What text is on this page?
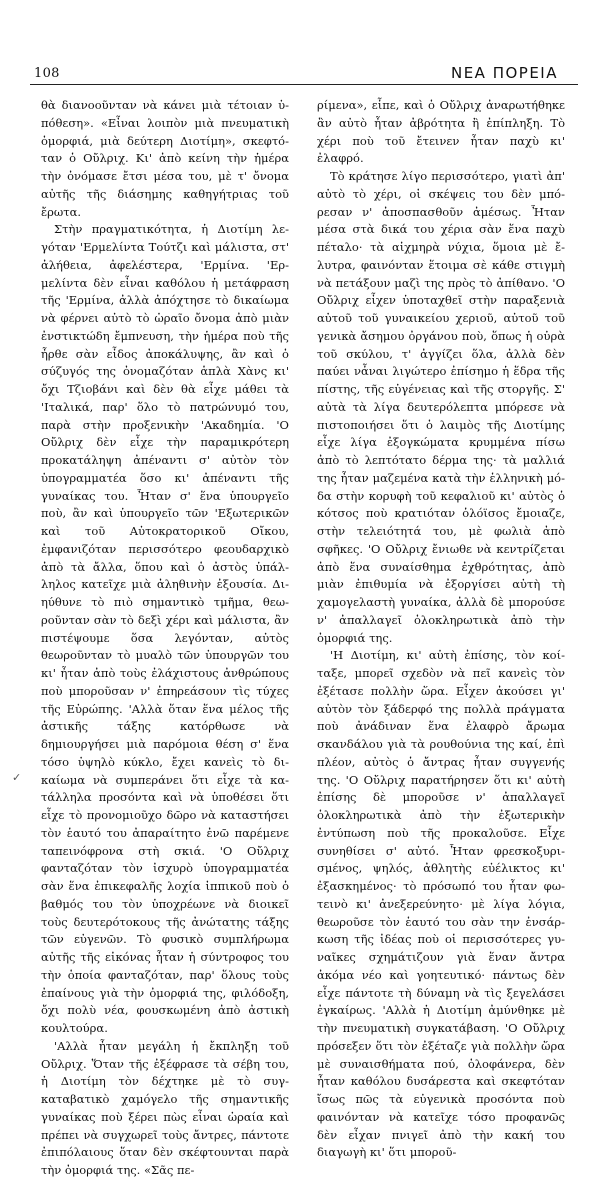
108	ΝΕΑ ΠΟΡΕΙΑ

θὰ διανοοῦνταν νὰ κάνει μιὰ τέτοιαν ὑπόθεση». «Εἶναι λοιπὸν μιὰ πνευματικὴ ὁμορφιά, μιὰ δεύτερη Διοτίμη», σκεφτόταν ὁ Οὔλριχ. Κι' ἀπὸ κείνη τὴν ἡμέρα τὴν ὀνόμασε ἔτσι μέσα του, μὲ τ' ὄνομα αὐτῆς τῆς διάσημης καθηγήτριας τοῦ ἔρωτα.

Στὴν πραγματικότητα, ἡ Διοτίμη λεγόταν 'Ερμελίντα Τούτζι καὶ μάλιστα, στ' ἀλήθεια, ἀφελέστερα, 'Ερμίνα. 'Ερμελίντα δὲν εἶναι καθόλου ἡ μετάφραση τῆς 'Ερμίνα, ἀλλὰ ἀπόχτησε τὸ δικαίωμα νὰ φέρνει αὐτὸ τὸ ὡραῖο ὄνομα ἀπὸ μιὰν ἐνστικτώδη ἔμπνευση, τὴν ἡμέρα ποὺ τῆς ἦρθε σὰν εἶδος ἀποκάλυψης, ἂν καὶ ὁ σύζυγός της ὀνομαζόταν ἁπλὰ Χὰνς κι' ὄχι Τζιοβάνι καὶ δὲν θὰ εἶχε μάθει τὰ 'Ιταλικά, παρ' ὅλο τὸ πατρώνυμό του, παρὰ στὴν προξενικὴν 'Ακαδημία. 'Ο Οὔλριχ δὲν εἶχε τὴν παραμικρότερη προκατάληψη ἀπέναντι σ' αὐτὸν τὸν ὑπογραμματέα ὅσο κι' ἀπέναντι τῆς γυναίκας του. Ἦταν σ' ἕνα ὑπουργεῖο ποὺ, ἂν καὶ ὑπουργεῖο τῶν 'Εξωτερικῶν καὶ τοῦ Αὐτοκρατορικοῦ Οἴκου, ἐμφανιζόταν περισσότερο φεουδαρχικὸ ἀπὸ τὰ ἄλλα, ὅπου καὶ ὁ ἀστὸς ὑπάλληλος κατεῖχε μιὰ ἀληθινὴν ἐξουσία. Διηύθυνε τὸ πιὸ σημαντικὸ τμῆμα, θεωροῦνταν σὰν τὸ δεξὶ χέρι καὶ μάλιστα, ἂν πιστέψουμε ὅσα λεγόνταν, αὐτὸς θεωροῦνταν τὸ μυαλὸ τῶν ὑπουργῶν του κι' ἦταν ἀπὸ τοὺς ἐλάχιστους ἀνθρώπους ποὺ μποροῦσαν ν' ἐπηρεάσουν τὶς τύχες τῆς Εὐρώπης. 'Αλλὰ ὅταν ἕνα μέλος τῆς ἀστικῆς τάξης κατόρθωσε νὰ δημιουργήσει μιὰ παρόμοια θέση σ' ἕνα τόσο ὑψηλὸ κύκλο, ἔχει κανεὶς τὸ δικαίωμα νὰ συμπεράνει ὅτι εἶχε τὰ κατάλληλα προσόντα καὶ νὰ ὑποθέσει ὅτι εἶχε τὸ προνομιοῦχο δῶρο νὰ καταστήσει τὸν ἑαυτό του ἀπαραίτητο ἐνῶ παρέμενε ταπεινόφρονα στὴ σκιά. 'Ο Οὔλριχ φανταζόταν τὸν ἰσχυρὸ ὑπογραμματέα σὰν ἕνα ἐπικεφαλῆς λοχία ἱππικοῦ ποὺ ὁ βαθμός του τὸν ὑποχρέωνε νὰ διοικεῖ τοὺς δευτερότοκους τῆς ἀνώτατης τάξης τῶν εὐγενῶν. Τὸ φυσικὸ συμπλήρωμα αὐτῆς τῆς εἰκόνας ἦταν ἡ σύντροφος του τὴν ὁποία φανταζόταν, παρ' ὅλους τοὺς ἐπαίνους γιὰ τὴν ὀμορφιά της, φιλόδοξη, ὄχι πολὺ νέα, φουσκωμένη ἀπὸ ἀστικὴ κουλτούρα.

'Αλλὰ ἦταν μεγάλη ἡ ἔκπληξη τοῦ Οὔλριχ. Ὅταν τῆς ἐξέφρασε τὰ σέβη του, ἡ Διοτίμη τὸν δέχτηκε μὲ τὸ συγκαταβατικὸ χαμόγελο τῆς σημαντικῆς γυναίκας ποὺ ξέρει πὼς εἶναι ὡραία καὶ πρέπει νὰ συγχωρεῖ τοὺς ἄντρες, πάντοτε ἐπιπόλαιους ὅταν δὲν σκέφτουνται παρὰ τὴν ὀμορφιά της. «Σᾶς πε-

ρίμενα», εἶπε, καὶ ὁ Οὔλριχ ἀναρωτήθηκε ἂν αὐτὸ ἦταν ἀβρότητα ἢ ἐπίπληξη. Τὸ χέρι ποὺ τοῦ ἔτεινεν ἦταν παχὺ κι' ἐλαφρό.

Τὸ κράτησε λίγο περισσότερο, γιατὶ ἀπ' αὐτὸ τὸ χέρι, οἱ σκέψεις του δὲν μπόρεσαν ν' ἀποσπασθοῦν ἀμέσως. Ἦταν μέσα στὰ δικά του χέρια σὰν ἕνα παχὺ πέταλο· τὰ αἰχμηρὰ νύχια, ὅμοια μὲ ἔλυτρα, φαινόνταν ἕτοιμα σὲ κάθε στιγμὴ νὰ πετάξουν μαζὶ της πρὸς τὸ ἀπίθανο. 'Ο Οὔλριχ εἶχεν ὑποταχθεῖ στὴν παραξενιὰ αὐτοῦ τοῦ γυναικείου χεριοῦ, αὐτοῦ τοῦ γενικὰ ἄσημου ὀργάνου ποὺ, ὅπως ἡ οὐρὰ τοῦ σκύλου, τ' ἀγγίζει ὅλα, ἀλλὰ δὲν παύει νἆναι λιγώτερο ἐπίσημο ἡ ἕδρα τῆς πίστης, τῆς εὐγένειας καὶ τῆς στοργῆς. Σ' αὐτὰ τὰ λίγα δευτερόλεπτα μπόρεσε νὰ πιστοποιήσει ὅτι ὁ λαιμὸς τῆς Διοτίμης εἶχε λίγα ἐξογκώματα κρυμμένα πίσω ἀπὸ τὸ λεπτότατο δέρμα της· τὰ μαλλιά της ἦταν μαζεμένα κατὰ τὴν ἑλληνικὴ μόδα στὴν κορυφὴ τοῦ κεφαλιοῦ κι' αὐτὸς ὁ κότσος ποὺ κρατιόταν ὁλόϊσος ἔμοιαζε, στὴν τελειότητά του, μὲ φωλιὰ ἀπὸ σφῆκες. 'Ο Οὔλριχ ἔνιωθε νὰ κεντρίζεται ἀπὸ ἕνα συναίσθημα ἐχθρότητας, ἀπὸ μιὰν ἐπιθυμία νὰ ἐξοργίσει αὐτὴ τὴ χαμογελαστὴ γυναίκα, ἀλλὰ δὲ μπορούσε ν' ἀπαλλαγεῖ ὁλοκληρωτικὰ ἀπὸ τὴν ὀμορφιά της.

'Η Διοτίμη, κι' αὐτὴ ἐπίσης, τὸν κοίταξε, μπορεῖ σχεδὸν νὰ πεῖ κανεὶς τὸν ἐξέτασε πολλὴν ὥρα. Εἶχεν ἀκούσει γι' αὐτὸν τὸν ξάδερφό της πολλὰ πράγματα ποὺ ἀνάδιναν ἕνα ἐλαφρὸ ἄρωμα σκανδάλου γιὰ τὰ ρουθούνια της καί, ἐπὶ πλέον, αὐτὸς ὁ ἄντρας ἦταν συγγενής της. 'Ο Οὔλριχ παρατήρησεν ὅτι κι' αὐτὴ ἐπίσης δὲ μποροῦσε ν' ἀπαλλαγεῖ ὁλοκληρωτικὰ ἀπὸ τὴν ἐξωτερικὴν ἐντύπωση ποὺ τῆς προκαλοῦσε. Εἶχε συνηθίσει σ' αὐτό. Ἦταν φρεσκοξυρισμένος, ψηλός, ἀθλητὴς εὐέλικτος κι' ἐξασκημένος· τὸ πρόσωπό του ἦταν φωτεινὸ κι' ἀνεξερεύνητο· μὲ λίγα λόγια, θεωροῦσε τὸν ἑαυτό του σὰν την ἐνσάρκωση τῆς ἰδέας ποὺ οἱ περισσότερες γυναῖκες σχημάτιζουν γιὰ ἕναν ἄντρα ἀκόμα νέο καὶ γοητευτικό· πάντως δὲν εἶχε πάντοτε τὴ δύναμη νὰ τὶς ξεγελάσει ἐγκαίρως. 'Αλλὰ ἡ Διοτίμη ἀμύνθηκε μὲ τὴν πνευματικὴ συγκατάβαση. 'Ο Οὔλριχ πρόσεξεν ὅτι τὸν ἐξέταζε γιὰ πολλὴν ὥρα μὲ συναισθήματα πού, ὁλοφάνερα, δὲν ἦταν καθόλου δυσάρεστα καὶ σκεφτόταν ἴσως πῶς τὰ εὐγενικὰ προσόντα ποὺ φαινόνταν νὰ κατεῖχε τόσο προφανῶς δὲν εἶχαν πνιγεῖ ἀπὸ τὴν κακή του διαγωγὴ κι' ὅτι μποροῦ-

✓
